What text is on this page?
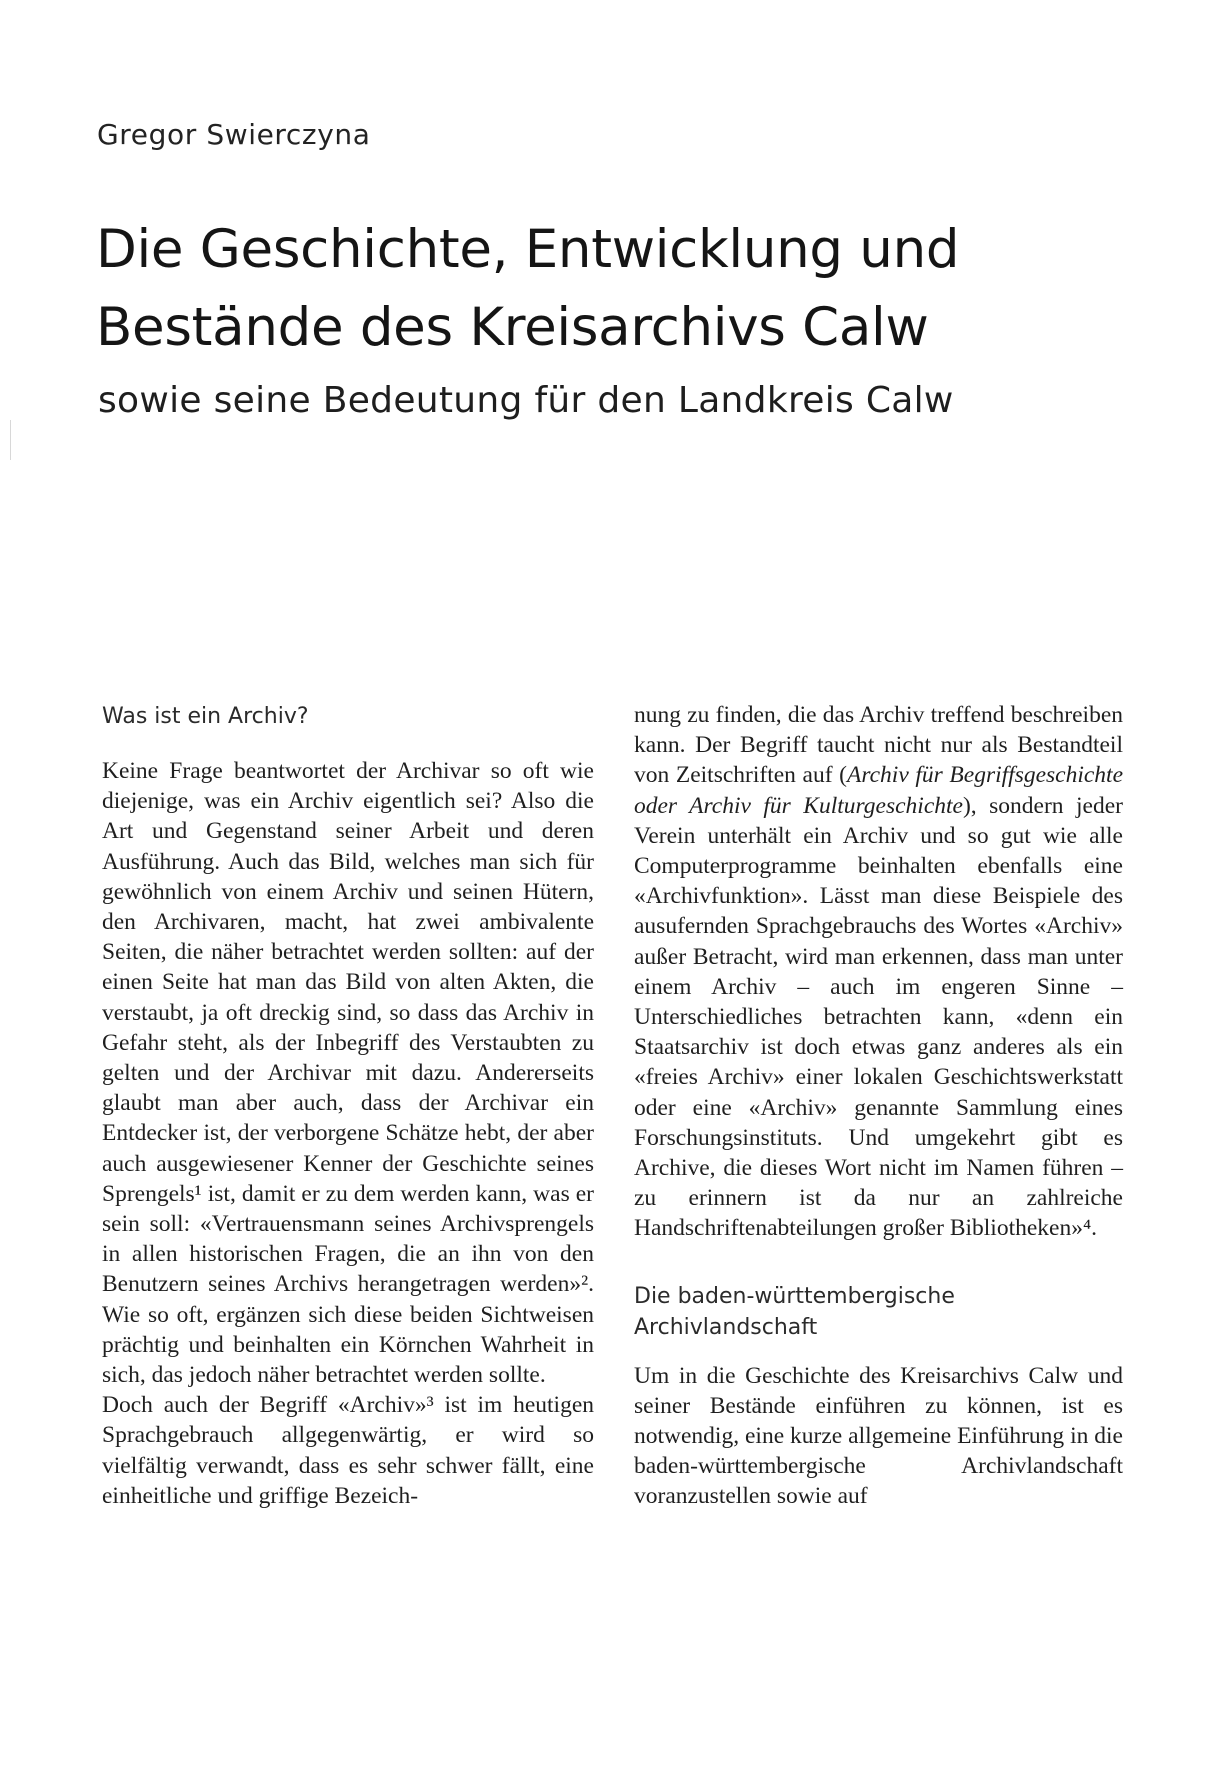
Gregor Swierczyna
Die Geschichte, Entwicklung und
Bestände des Kreisarchivs Calw
sowie seine Bedeutung für den Landkreis Calw
Was ist ein Archiv?

Keine Frage beantwortet der Archivar so oft wie diejenige, was ein Archiv eigentlich sei? Also die Art und Gegenstand seiner Arbeit und deren Ausführung. Auch das Bild, welches man sich für gewöhnlich von einem Archiv und seinen Hütern, den Archivaren, macht, hat zwei ambivalente Seiten, die näher betrachtet werden sollten: auf der einen Seite hat man das Bild von alten Akten, die verstaubt, ja oft dreckig sind, so dass das Archiv in Gefahr steht, als der Inbegriff des Verstaubten zu gelten und der Archivar mit dazu. Andererseits glaubt man aber auch, dass der Archivar ein Entdecker ist, der verborgene Schätze hebt, der aber auch ausgewiesener Kenner der Geschichte seines Sprengels¹ ist, damit er zu dem werden kann, was er sein soll: «Vertrauensmann seines Archivsprengels in allen historischen Fragen, die an ihn von den Benutzern seines Archivs herangetragen werden»². Wie so oft, ergänzen sich diese beiden Sichtweisen prächtig und beinhalten ein Körnchen Wahrheit in sich, das jedoch näher betrachtet werden sollte.

Doch auch der Begriff «Archiv»³ ist im heutigen Sprachgebrauch allgegenwärtig, er wird so vielfältig verwandt, dass es sehr schwer fällt, eine einheitliche und griffige Bezeich-

nung zu finden, die das Archiv treffend beschreiben kann. Der Begriff taucht nicht nur als Bestandteil von Zeitschriften auf (Archiv für Begriffsgeschichte oder Archiv für Kulturgeschichte), sondern jeder Verein unterhält ein Archiv und so gut wie alle Computerprogramme beinhalten ebenfalls eine «Archivfunktion». Lässt man diese Beispiele des ausufernden Sprachgebrauchs des Wortes «Archiv» außer Betracht, wird man erkennen, dass man unter einem Archiv – auch im engeren Sinne – Unterschiedliches betrachten kann, «denn ein Staatsarchiv ist doch etwas ganz anderes als ein «freies Archiv» einer lokalen Geschichtswerkstatt oder eine «Archiv» genannte Sammlung eines Forschungsinstituts. Und umgekehrt gibt es Archive, die dieses Wort nicht im Namen führen – zu erinnern ist da nur an zahlreiche Handschriftenabteilungen großer Bibliotheken»⁴.

Die baden-württembergische Archivlandschaft

Um in die Geschichte des Kreisarchivs Calw und seiner Bestände einführen zu können, ist es notwendig, eine kurze allgemeine Einführung in die baden-württembergische Archivlandschaft voranzustellen sowie auf
